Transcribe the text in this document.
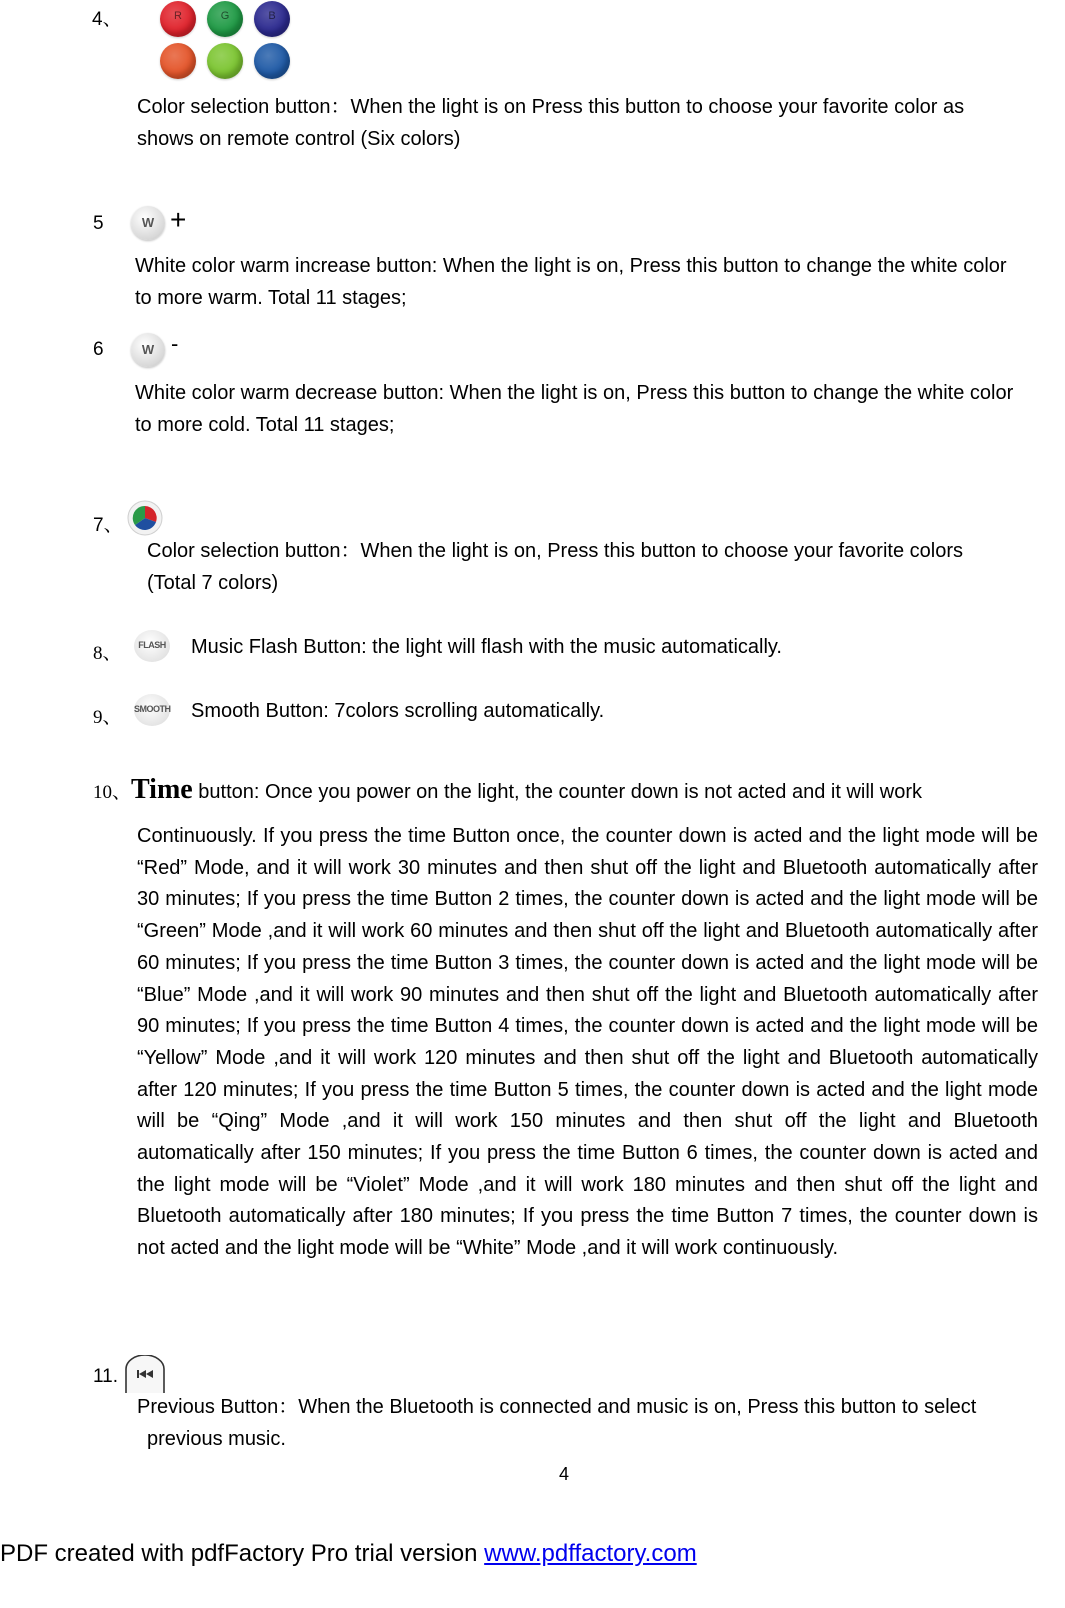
4、	R	G	B
Color selection button：When the light is on Press this button to choose your favorite color as
shows on remote control (Six colors)
5	W +
White color warm increase button: When the light is on, Press this button to change the white color to more warm. Total 11 stages;
6	W -
White color warm decrease button: When the light is on, Press this button to change the white color to more cold. Total 11 stages;
7、
Color selection button：When the light is on, Press this button to choose your favorite colors
(Total 7 colors)
8、	FLASH Music Flash Button: the light will flash with the music automatically.
9、 SMOOTH Smooth Button: 7colors scrolling automatically.
10、Time button: Once you power on the light, the counter down is not acted and it will work
Continuously. If you press the time Button once, the counter down is acted and the light mode will be “Red” Mode, and it will work 30 minutes and then shut off the light and Bluetooth automatically after 30 minutes; If you press the time Button 2 times, the counter down is acted and the light mode will be “Green” Mode ,and it will work 60 minutes and then shut off the light and Bluetooth automatically after 60 minutes; If you press the time Button 3 times, the counter down is acted and the light mode will be “Blue” Mode ,and it will work 90 minutes and then shut off the light and Bluetooth automatically after 90 minutes; If you press the time Button 4 times, the counter down is acted and the light mode will be “Yellow” Mode ,and it will work 120 minutes and then shut off the light and Bluetooth automatically after 120 minutes; If you press the time Button 5 times, the counter down is acted and the light mode will be “Qing” Mode ,and it will work 150 minutes and then shut off the light and Bluetooth automatically after 150 minutes; If you press the time Button 6 times, the counter down is acted and the light mode will be “Violet” Mode ,and it will work 180 minutes and then shut off the light and Bluetooth automatically after 180 minutes; If you press the time Button 7 times, the counter down is not acted and the light mode will be “White” Mode ,and it will work continuously.
11.
Previous Button：When the Bluetooth is connected and music is on, Press this button to select
previous music.
4
PDF created with pdfFactory Pro trial version www.pdffactory.com
